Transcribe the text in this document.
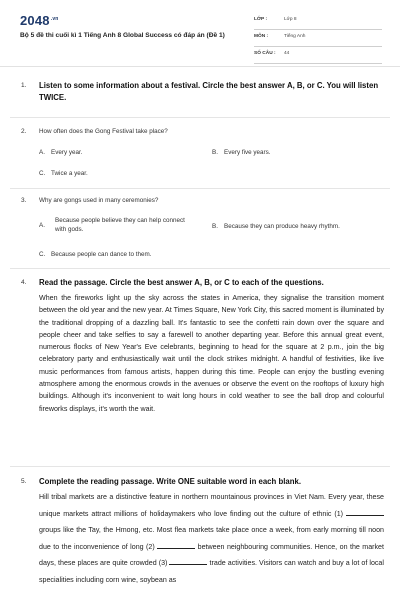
$2048^{.vn}$
Bộ 5 đề thi cuối kì 1 Tiếng Anh 8 Global Success có đáp án (Đề 1)
LỚP :	Lớp 8
MÔN :	Tiếng Anh
SỐ CÂU : 44
1. Listen to some information about a festival. Circle the best answer A, B, or C. You will listen TWICE.
2. How often does the Gong Festival take place?
A. Every year.	B. Every five years.
C. Twice a year.
3. Why are gongs used in many ceremonies?
A.
Because people believe they can help connect with gods.	B. Because they can produce heavy rhythm.
C. Because people can dance to them.
4. Read the passage. Circle the best answer A, B, or C to each of the questions.
When the fireworks light up the sky across the states in America, they signalise the transition moment between the old year and the new year. At Times Square, New York City, this sacred moment is illuminated by the traditional dropping of a dazzling ball. It's fantastic to see the confetti rain down over the square and people cheer and take selfies to say a farewell to another departing year. Before this annual great event, numerous flocks of New Year's Eve celebrants, beginning to head for the square at 2 p.m., join the big celebratory party and enthusiastically wait until the clock strikes midnight. A handful of festivities, like live music performances from famous artists, happen during this time. People can enjoy the bustling evening atmosphere among the enormous crowds in the avenues or observe the event on the rooftops of luxury high buildings. Although it's inconvenient to wait long hours in cold weather to see the ball drop and colourful fireworks displays, it's worth the wait.
5. Complete the reading passage. Write ONE suitable word in each blank.
Hill tribal markets are a distinctive feature in northern mountainous provinces in Viet Nam. Every year, these unique markets attract millions of holidaymakers who love finding out the culture of ethnic (1)  groups like the Tay, the Hmong, etc. Most flea markets take place once a week, from early morning till noon due to the inconvenience of long (2)	between neighbouring communities. Hence, on the market days, these places are quite crowded (3)	trade activities. Visitors can watch and buy a lot of local specialities including corn wine, soybean as
